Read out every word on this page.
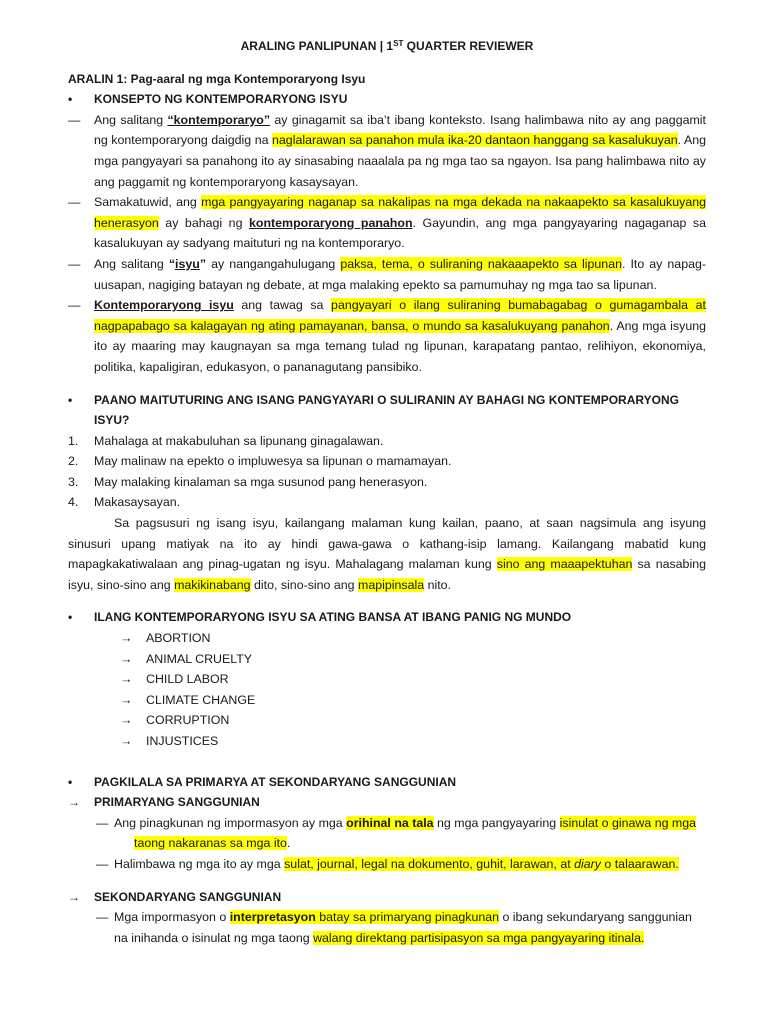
ARALING PANLIPUNAN | 1ST QUARTER REVIEWER
ARALIN 1: Pag-aaral ng mga Kontemporaryong Isyu
• KONSEPTO NG KONTEMPORARYONG ISYU
— Ang salitang “kontemporaryo” ay ginagamit sa iba’t ibang konteksto. Isang halimbawa nito ay ang paggamit ng kontemporaryong daigdig na naglalarawan sa panahon mula ika-20 dantaon hanggang sa kasalukuyan. Ang mga pangyayari sa panahong ito ay sinasabing naaalala pa ng mga tao sa ngayon. Isa pang halimbawa nito ay ang paggamit ng kontemporaryong kasaysayan.
— Samakatuwid, ang mga pangyayaring naganap sa nakalipas na mga dekada na nakaapekto sa kasalukuyang henerasyon ay bahagi ng kontemporaryong panahon. Gayundin, ang mga pangyayaring nagaganap sa kasalukuyan ay sadyang maituturi ng na kontemporaryo.
— Ang salitang “isyu” ay nangangahulugang paksa, tema, o suliraning nakaaapekto sa lipunan. Ito ay napag-uusapan, nagiging batayan ng debate, at mga malaking epekto sa pamumuhay ng mga tao sa lipunan.
— Kontemporaryong isyu ang tawag sa pangyayari o ilang suliraning bumabagabag o gumagambala at nagpapabago sa kalagayan ng ating pamayanan, bansa, o mundo sa kasalukuyang panahon. Ang mga isyung ito ay maaring may kaugnayan sa mga temang tulad ng lipunan, karapatang pantao, relihiyon, ekonomiya, politika, kapaligiran, edukasyon, o pananagutang pansibiko.
• PAANO MAITUTURING ANG ISANG PANGYAYARI O SULIRANIN AY BAHAGI NG KONTEMPORARYONG ISYU?
1. Mahalaga at makabuluhan sa lipunang ginagalawan.
2. May malinaw na epekto o impluwesya sa lipunan o mamamayan.
3. May malaking kinalaman sa mga susunod pang henerasyon.
4. Makasaysayan.
Sa pagsusuri ng isang isyu, kailangang malaman kung kailan, paano, at saan nagsimula ang isyung sinusuri upang matiyak na ito ay hindi gawa-gawa o kathang-isip lamang. Kailangang mabatid kung mapagkakatiwalaan ang pinag-ugatan ng isyu. Mahalagang malaman kung sino ang maaapektuhan sa nasabing isyu, sino-sino ang makikinabang dito, sino-sino ang mapipinsala nito.
• ILANG KONTEMPORARYONG ISYU SA ATING BANSA AT IBANG PANIG NG MUNDO
→	ABORTION
→	ANIMAL CRUELTY
→	CHILD LABOR
→	CLIMATE CHANGE
→	CORRUPTION
→	INJUSTICES
• PAGKILALA SA PRIMARYA AT SEKONDARYANG SANGGUNIAN
→ PRIMARYANG SANGGUNIAN
— Ang pinagkunan ng impormasyon ay mga orihinal na tala ng mga pangyayaring isinulat o ginawa ng mga
taong nakaranas sa mga ito.
— Halimbawa ng mga ito ay mga sulat, journal, legal na dokumento, guhit, larawan, at diary o talaarawan.
→ SEKONDARYANG SANGGUNIAN
— Mga impormasyon o interpretasyon batay sa primaryang pinagkunan o ibang sekundaryang sanggunian
na inihanda o isinulat ng mga taong walang direktang partisipasyon sa mga pangyayaring itinala.
